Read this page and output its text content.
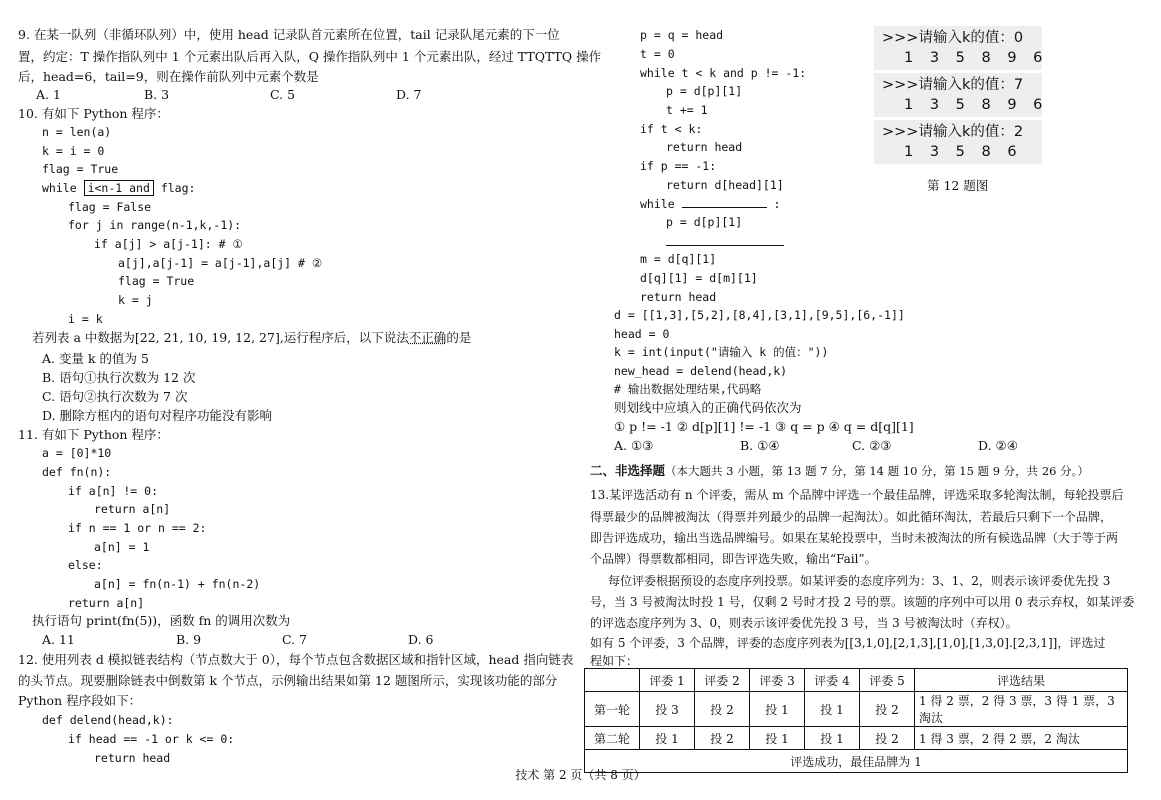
9. 在某一队列（非循环队列）中，使用 head 记录队首元素所在位置，tail 记录队尾元素的下一位
置，约定：T 操作指队列中 1 个元素出队后再入队，Q 操作指队列中 1 个元素出队，经过 TTQTTQ 操作
后，head=6，tail=9，则在操作前队列中元素个数是
A. 1	B. 3	C. 5	D. 7
10. 有如下 Python 程序：
n = len(a)
k = i = 0
flag = True
while i<n-1 and flag:
flag = False
for j in range(n-1,k,-1):
if a[j] > a[j-1]: # ①
a[j],a[j-1] = a[j-1],a[j] # ②
flag = True
k = j
i = k
若列表 a 中数据为[22, 21, 10, 19, 12, 27],运行程序后，以下说法不正确的是
A. 变量 k 的值为 5
B. 语句①执行次数为 12 次
C. 语句②执行次数为 7 次
D. 删除方框内的语句对程序功能没有影响
11. 有如下 Python 程序：
a = [0]*10
def fn(n):
if a[n] != 0:
return a[n]
if n == 1 or n == 2:
a[n] = 1
else:
a[n] = fn(n-1) + fn(n-2)
return a[n]
执行语句 print(fn(5))，函数 fn 的调用次数为
A. 11	B. 9	C. 7	D. 6
12. 使用列表 d 模拟链表结构（节点数大于 0），每个节点包含数据区域和指针区域，head 指向链表
的头节点。现要删除链表中倒数第 k 个节点，示例输出结果如第 12 题图所示，实现该功能的部分
Python 程序段如下：
def delend(head,k):
if head == -1 or k <= 0:
return head
p = q = head
t = 0
while t < k and p != -1:
p = d[p][1]
t += 1
if t < k:
return head
if p == -1:
return d[head][1]
while	:
p = d[p][1]
m = d[q][1]
d[q][1] = d[m][1]
return head
d = [[1,3],[5,2],[8,4],[3,1],[9,5],[6,-1]]
head = 0
k = int(input("请输入 k 的值："))
new_head = delend(head,k)
# 输出数据处理结果,代码略
则划线中应填入的正确代码依次为
① p != -1 ② d[p][1] != -1 ③ q = p ④ q = d[q][1]
A. ①③	B. ①④	C. ②③	D. ②④
>>>请输入k的值：0
1 3 5 8 9 6
>>>请输入k的值：7
1 3 5 8 9 6
>>>请输入k的值：2
1 3 5 8 6
第 12 题图
二、非选择题（本大题共 3 小题，第 13 题 7 分，第 14 题 10 分，第 15 题 9 分，共 26 分。）
13.某评选活动有 n 个评委，需从 m 个品牌中评选一个最佳品牌，评选采取多轮淘汰制，每轮投票后
得票最少的品牌被淘汰（得票并列最少的品牌一起淘汰）。如此循环淘汰，若最后只剩下一个品牌，
即告评选成功，输出当选品牌编号。如果在某轮投票中，当时未被淘汰的所有候选品牌（大于等于两
个品牌）得票数都相同，即告评选失败，输出“Fail”。
每位评委根据预设的态度序列投票。如某评委的态度序列为：3、1、2，则表示该评委优先投 3
号，当 3 号被淘汰时投 1 号，仅剩 2 号时才投 2 号的票。该题的序列中可以用 0 表示弃权，如某评委
的评选态度序列为 3、0，则表示该评委优先投 3 号，当 3 号被淘汰时（弃权）。
如有 5 个评委，3 个品牌，评委的态度序列表为[[3,1,0],[2,1,3],[1,0],[1,3,0].[2,3,1]]，评选过
程如下：
	评委 1	评委 2	评委 3	评委 4	评委 5	评选结果
第一轮	投 3	投 2	投 1	投 1	投 2	1 得 2 票，2 得 3 票，3 得 1 票，3 淘汰
第二轮	投 1	投 2	投 1	投 1	投 2	1 得 3 票，2 得 2 票，2 淘汰
评选成功，最佳品牌为 1						
技术 第 2 页（共 8 页）
